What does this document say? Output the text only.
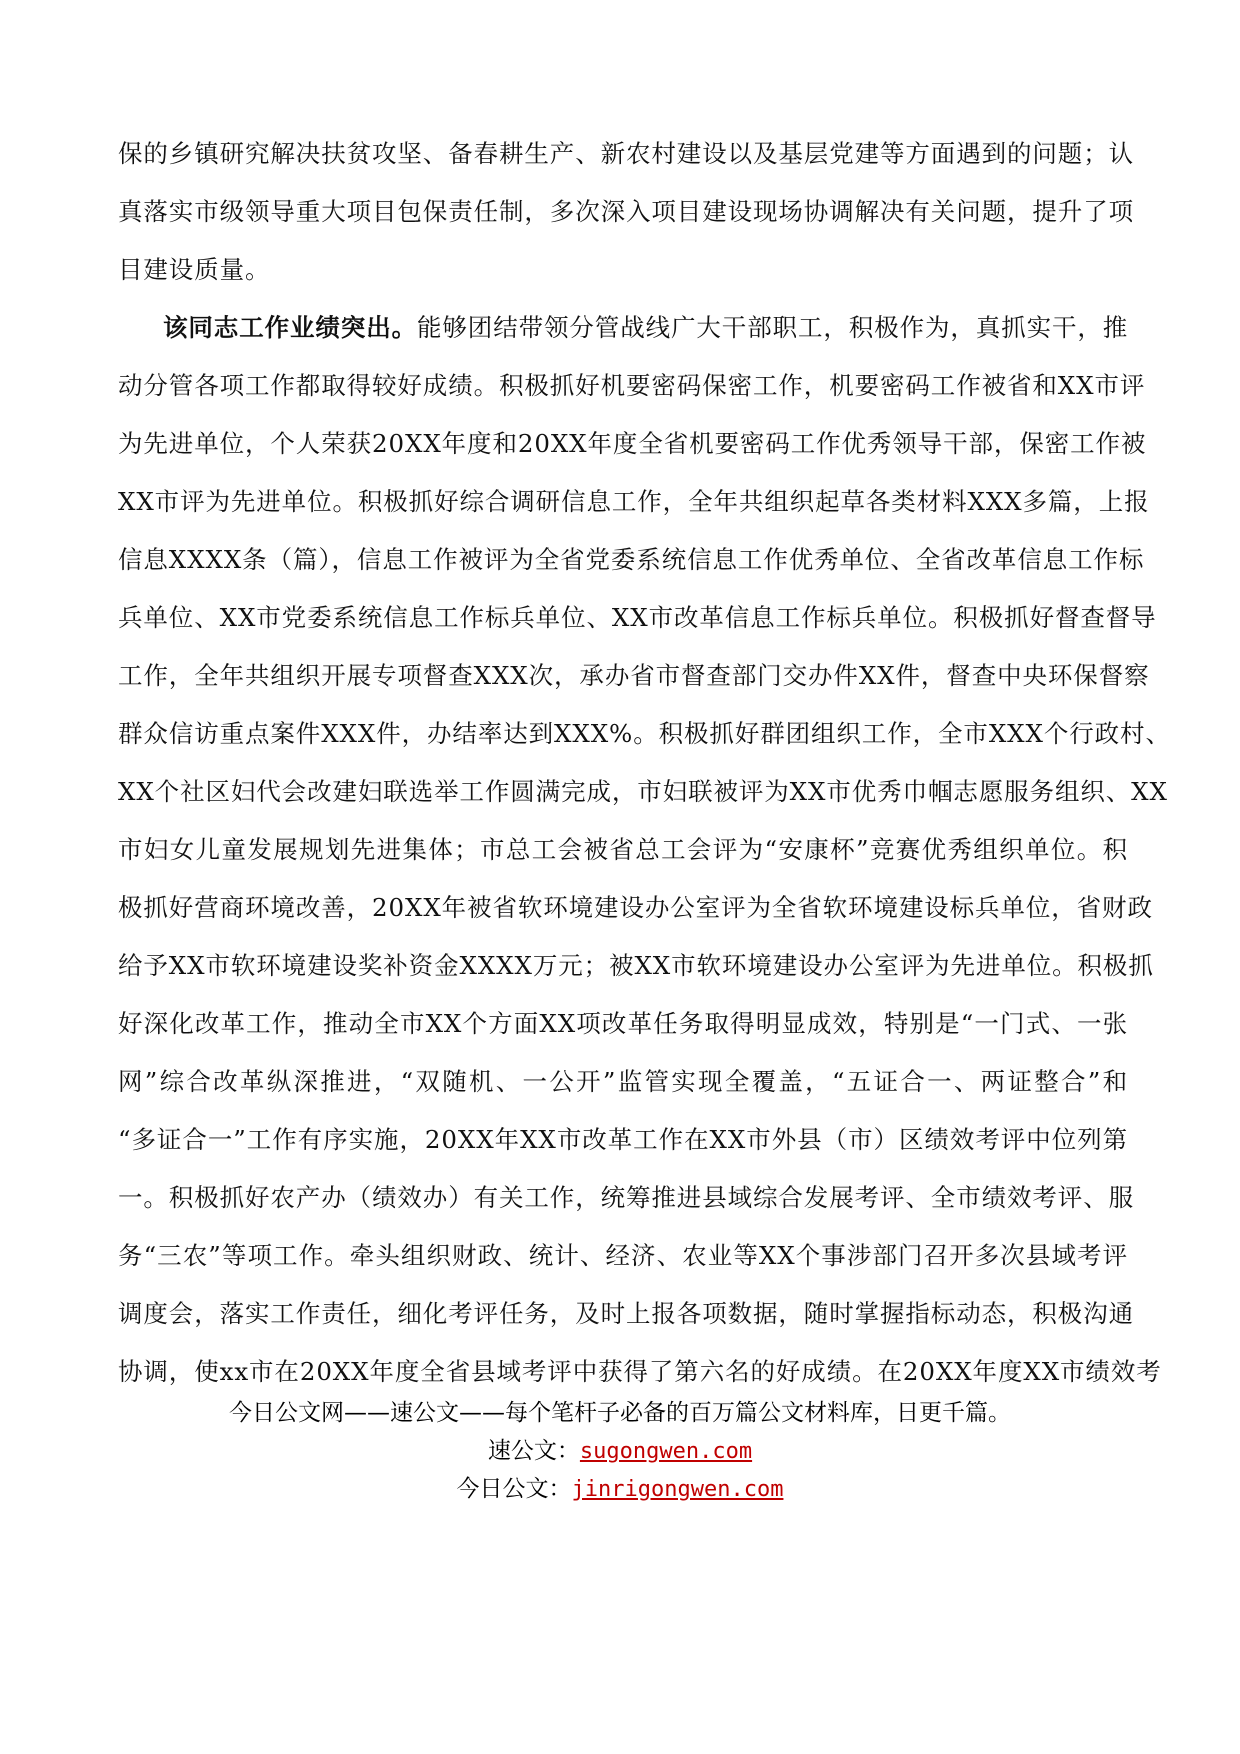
保的乡镇研究解决扶贫攻坚、备春耕生产、新农村建设以及基层党建等方面遇到的问题；认
真落实市级领导重大项目包保责任制，多次深入项目建设现场协调解决有关问题，提升了项
目建设质量。
该同志工作业绩突出。能够团结带领分管战线广大干部职工，积极作为，真抓实干，推
动分管各项工作都取得较好成绩。积极抓好机要密码保密工作，机要密码工作被省和XX市评
为先进单位，个人荣获20XX年度和20XX年度全省机要密码工作优秀领导干部，保密工作被
XX市评为先进单位。积极抓好综合调研信息工作，全年共组织起草各类材料XXX多篇，上报
信息XXXX条（篇），信息工作被评为全省党委系统信息工作优秀单位、全省改革信息工作标
兵单位、XX市党委系统信息工作标兵单位、XX市改革信息工作标兵单位。积极抓好督查督导
工作，全年共组织开展专项督查XXX次，承办省市督查部门交办件XX件，督查中央环保督察
群众信访重点案件XXX件，办结率达到XXX%。积极抓好群团组织工作，全市XXX个行政村、
XX个社区妇代会改建妇联选举工作圆满完成，市妇联被评为XX市优秀巾帼志愿服务组织、XX
市妇女儿童发展规划先进集体；市总工会被省总工会评为“安康杯”竞赛优秀组织单位。积
极抓好营商环境改善，20XX年被省软环境建设办公室评为全省软环境建设标兵单位，省财政
给予XX市软环境建设奖补资金XXXX万元；被XX市软环境建设办公室评为先进单位。积极抓
好深化改革工作，推动全市XX个方面XX项改革任务取得明显成效，特别是“一门式、一张
网”综合改革纵深推进，“双随机、一公开”监管实现全覆盖，“五证合一、两证整合”和
“多证合一”工作有序实施，20XX年XX市改革工作在XX市外县（市）区绩效考评中位列第
一。积极抓好农产办（绩效办）有关工作，统筹推进县域综合发展考评、全市绩效考评、服
务“三农”等项工作。牵头组织财政、统计、经济、农业等XX个事涉部门召开多次县域考评
调度会，落实工作责任，细化考评任务，及时上报各项数据，随时掌握指标动态，积极沟通
协调，使xx市在20XX年度全省县域考评中获得了第六名的好成绩。在20XX年度XX市绩效考
今日公文网——速公文——每个笔杆子必备的百万篇公文材料库，日更千篇。
速公文：sugongwen.com
今日公文：jinrigongwen.com
